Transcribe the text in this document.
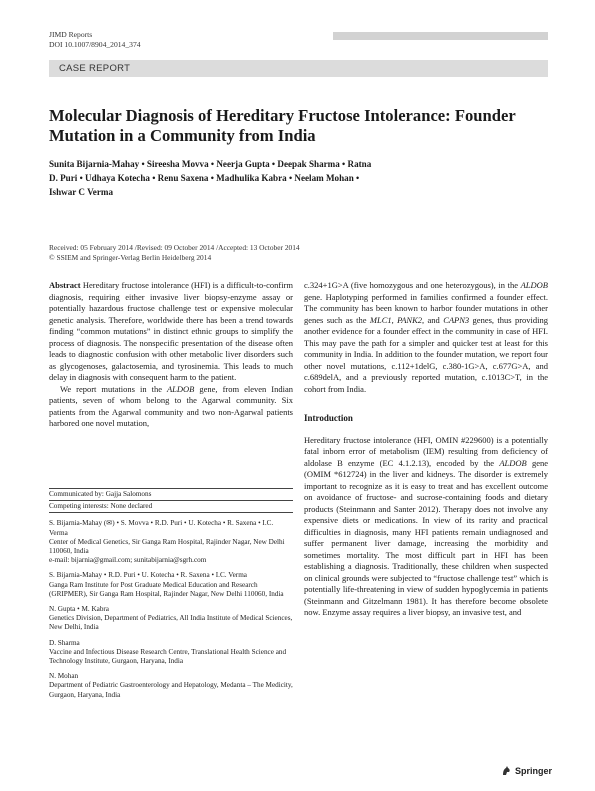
JIMD Reports
DOI 10.1007/8904_2014_374
CASE REPORT
Molecular Diagnosis of Hereditary Fructose Intolerance: Founder Mutation in a Community from India
Sunita Bijarnia-Mahay • Sireesha Movva • Neerja Gupta • Deepak Sharma • Ratna D. Puri • Udhaya Kotecha • Renu Saxena • Madhulika Kabra • Neelam Mohan • Ishwar C Verma
Received: 05 February 2014 /Revised: 09 October 2014 /Accepted: 13 October 2014
© SSIEM and Springer-Verlag Berlin Heidelberg 2014

Abstract Hereditary fructose intolerance (HFI) is a difficult-to-confirm diagnosis, requiring either invasive liver biopsy-enzyme assay or potentially hazardous fructose challenge test or expensive molecular genetic analysis. Therefore, worldwide there has been a trend towards finding “common mutations” in distinct ethnic groups to simplify the process of diagnosis. The nonspecific presentation of the disease often leads to diagnostic confusion with other metabolic liver disorders such as glycogenoses, galactosemia, and tyrosinemia. This leads to much delay in diagnosis with consequent harm to the patient.

We report mutations in the ALDOB gene, from eleven Indian patients, seven of whom belong to the Agarwal community. Six patients from the Agarwal community and two non-Agarwal patients harbored one novel mutation,

Communicated by: Gajja Salomons
Competing interests: None declared
S. Bijarnia-Mahay (✉) • S. Movva • R.D. Puri • U. Kotecha • R. Saxena • I.C. Verma
Center of Medical Genetics, Sir Ganga Ram Hospital, Rajinder Nagar, New Delhi 110060, India
e-mail: bijarnia@gmail.com; sunitabijarnia@sgrh.com
S. Bijarnia-Mahay • R.D. Puri • U. Kotecha • R. Saxena • I.C. Verma
Ganga Ram Institute for Post Graduate Medical Education and Research (GRIPMER), Sir Ganga Ram Hospital, Rajinder Nagar, New Delhi 110060, India
N. Gupta • M. Kabra
Genetics Division, Department of Pediatrics, All India Institute of Medical Sciences, New Delhi, India
D. Sharma
Vaccine and Infectious Disease Research Centre, Translational Health Science and Technology Institute, Gurgaon, Haryana, India
N. Mohan
Department of Pediatric Gastroenterology and Hepatology, Medanta – The Medicity, Gurgaon, Haryana, India

c.324+1G>A (five homozygous and one heterozygous), in the ALDOB gene. Haplotyping performed in families confirmed a founder effect. The community has been known to harbor founder mutations in other genes such as the MLC1, PANK2, and CAPN3 genes, thus providing another evidence for a founder effect in the community in case of HFI. This may pave the path for a simpler and quicker test at least for this community in India. In addition to the founder mutation, we report four other novel mutations, c.112+1delG, c.380-1G>A, c.677G>A, and c.689delA, and a previously reported mutation, c.1013C>T, in the cohort from India.

Introduction
Hereditary fructose intolerance (HFI, OMIN #229600) is a potentially fatal inborn error of metabolism (IEM) resulting from deficiency of aldolase B enzyme (EC 4.1.2.13), encoded by the ALDOB gene (OMIM *612724) in the liver and kidneys. The disorder is extremely important to recognize as it is easy to treat and has excellent outcome on avoidance of fructose- and sucrose-containing foods and dietary products (Steinmann and Santer 2012). Therapy does not involve any expensive diets or medications. In view of its rarity and practical difficulties in diagnosis, many HFI patients remain undiagnosed and suffer permanent liver damage, increasing the morbidity and sometimes mortality. The most difficult part in HFI has been establishing a diagnosis. Traditionally, these children when suspected on clinical grounds were subjected to “fructose challenge test” which is potentially life-threatening in view of sudden hypoglycemia in patients (Steinmann and Gitzelmann 1981). It has therefore become obsolete now. Enzyme assay requires a liver biopsy, an invasive test, and
Springer
